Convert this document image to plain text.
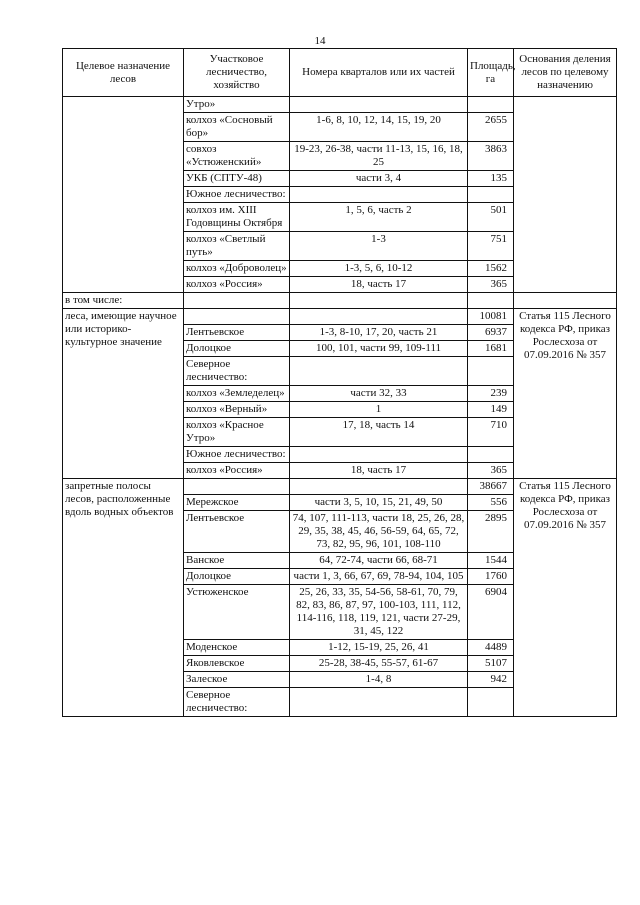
14
Целевое назначение лесов	Участковое лесничество, хозяйство	Номера кварталов или их частей	Площадь, га	Основания деления лесов по целевому назначению
	Утро»			
	колхоз «Сосновый бор»	1-6, 8, 10, 12, 14, 15, 19, 20	2655	
	совхоз «Устюженский»	19-23, 26-38, части 11-13, 15, 16, 18, 25	3863	
	УКБ (СПТУ-48)	части 3, 4	135	
	Южное лесничество:			
	колхоз им. XIII Годовщины Октября	1, 5, 6, часть 2	501	
	колхоз «Светлый путь»	1-3	751	
	колхоз «Доброволец»	1-3, 5, 6, 10-12	1562	
	колхоз «Россия»	18, часть 17	365	
в том числе:				
леса, имеющие научное или историко-культурное значение			10081	Статья 115 Лесного кодекса РФ, приказ Рослесхоза от 07.09.2016 № 357
	Лентьевское	1-3, 8-10, 17, 20, часть 21	6937	
	Долоцкое	100, 101, части 99, 109-111	1681	
	Северное лесничество:			
	колхоз «Земледелец»	части 32, 33	239	
	колхоз «Верный»	1	149	
	колхоз «Красное Утро»	17, 18, часть 14	710	
	Южное лесничество:			
	колхоз «Россия»	18, часть 17	365	
запретные полосы лесов, расположенные вдоль водных объектов			38667	Статья 115 Лесного кодекса РФ, приказ Рослесхоза от 07.09.2016 № 357
	Мережское	части 3, 5, 10, 15, 21, 49, 50	556	
	Лентьевское	74, 107, 111-113, части 18, 25, 26, 28, 29, 35, 38, 45, 46, 56-59, 64, 65, 72, 73, 82, 95, 96, 101, 108-110	2895	
	Ванское	64, 72-74, части 66, 68-71	1544	
	Долоцкое	части 1, 3, 66, 67, 69, 78-94, 104, 105	1760	
	Устюженское	25, 26, 33, 35, 54-56, 58-61, 70, 79, 82, 83, 86, 87, 97, 100-103, 111, 112, 114-116, 118, 119, 121, части 27-29, 31, 45, 122	6904	
	Моденское	1-12, 15-19, 25, 26, 41	4489	
	Яковлевское	25-28, 38-45, 55-57, 61-67	5107	
	Залеское	1-4, 8	942	
	Северное лесничество:			
